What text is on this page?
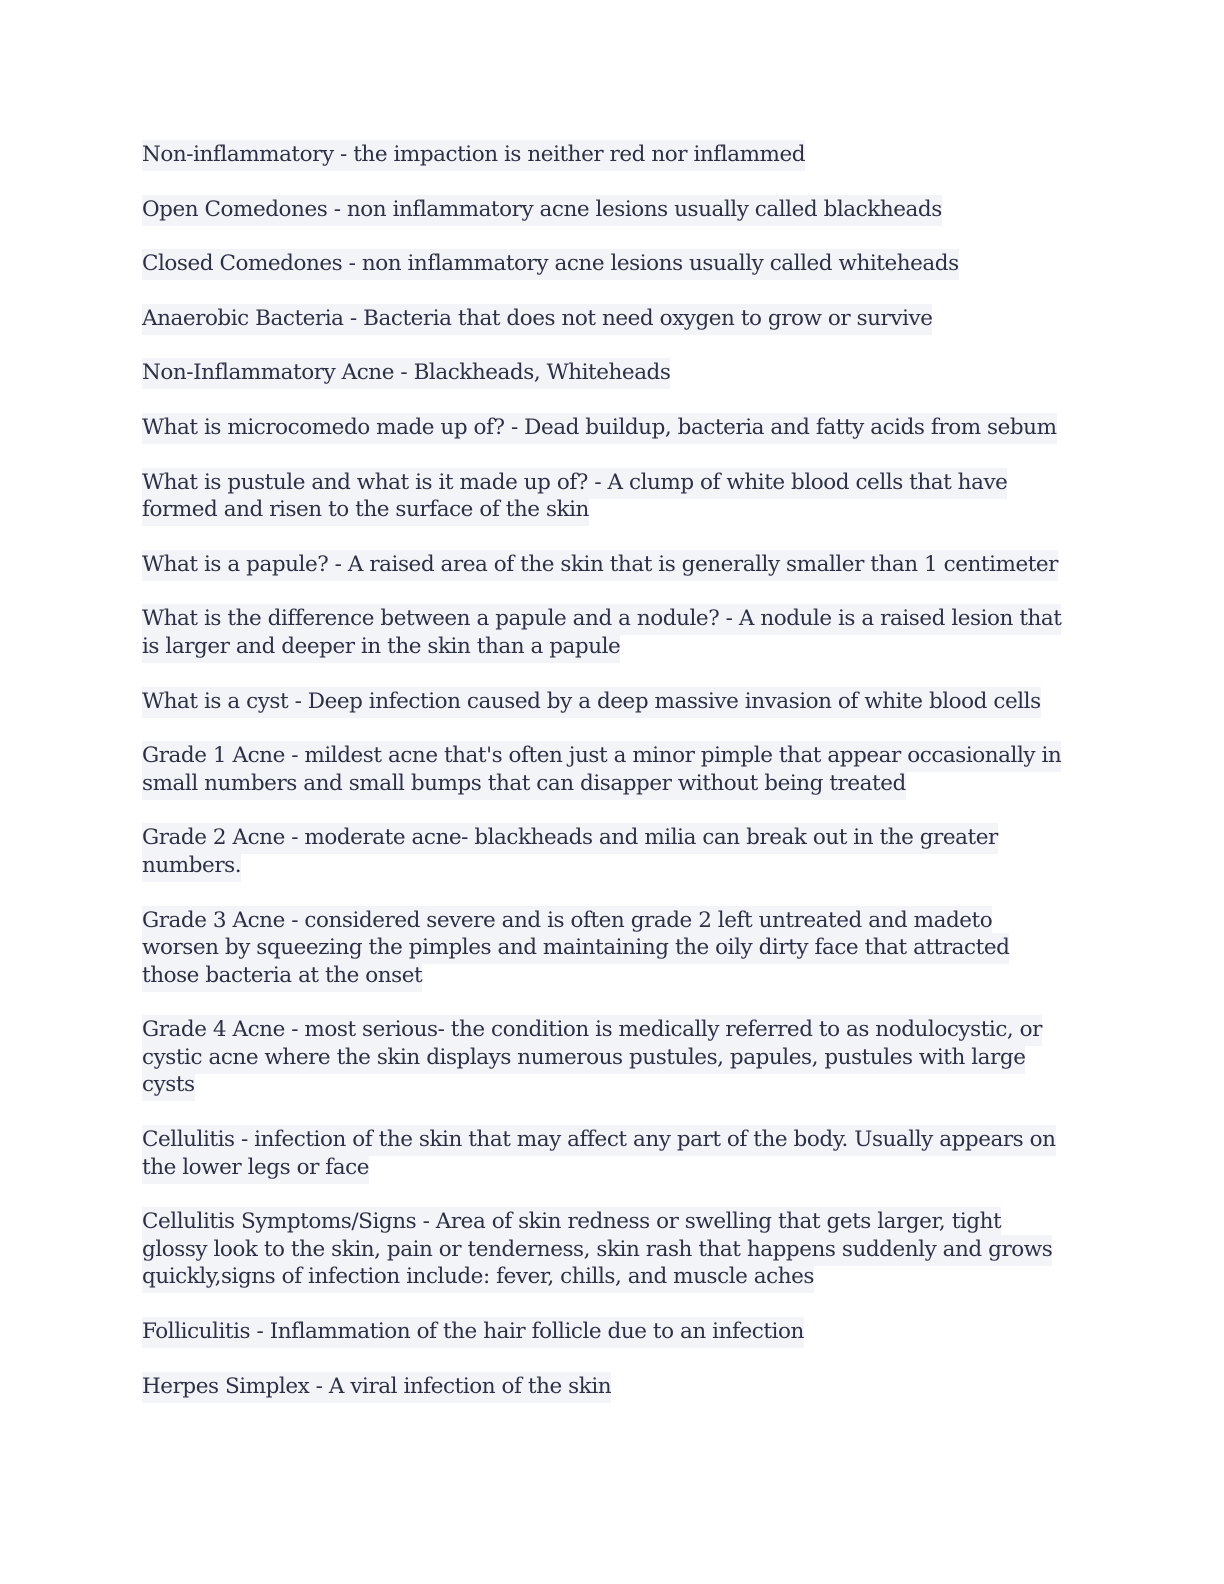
Non-inflammatory - the impaction is neither red nor inflammed

Open Comedones - non inflammatory acne lesions usually called blackheads

Closed Comedones - non inflammatory acne lesions usually called whiteheads

Anaerobic Bacteria - Bacteria that does not need oxygen to grow or survive

Non-Inflammatory Acne - Blackheads, Whiteheads

What is microcomedo made up of? - Dead buildup, bacteria and fatty acids from sebum

What is pustule and what is it made up of? - A clump of white blood cells that have formed and risen to the surface of the skin

What is a papule? - A raised area of the skin that is generally smaller than 1 centimeter

What is the difference between a papule and a nodule? - A nodule is a raised lesion that is larger and deeper in the skin than a papule

What is a cyst - Deep infection caused by a deep massive invasion of white blood cells

Grade 1 Acne - mildest acne that's often just a minor pimple that appear occasionally in small numbers and small bumps that can disapper without being treated

Grade 2 Acne - moderate acne- blackheads and milia can break out in the greater numbers.

Grade 3 Acne - considered severe and is often grade 2 left untreated and madeto worsen by squeezing the pimples and maintaining the oily dirty face that attracted those bacteria at the onset

Grade 4 Acne - most serious- the condition is medically referred to as nodulocystic, or cystic acne where the skin displays numerous pustules, papules, pustules with large cysts

Cellulitis - infection of the skin that may affect any part of the body. Usually appears on the lower legs or face

Cellulitis Symptoms/Signs - Area of skin redness or swelling that gets larger, tight glossy look to the skin, pain or tenderness, skin rash that happens suddenly and grows quickly,signs of infection include: fever, chills, and muscle aches

Folliculitis - Inflammation of the hair follicle due to an infection

Herpes Simplex - A viral infection of the skin
